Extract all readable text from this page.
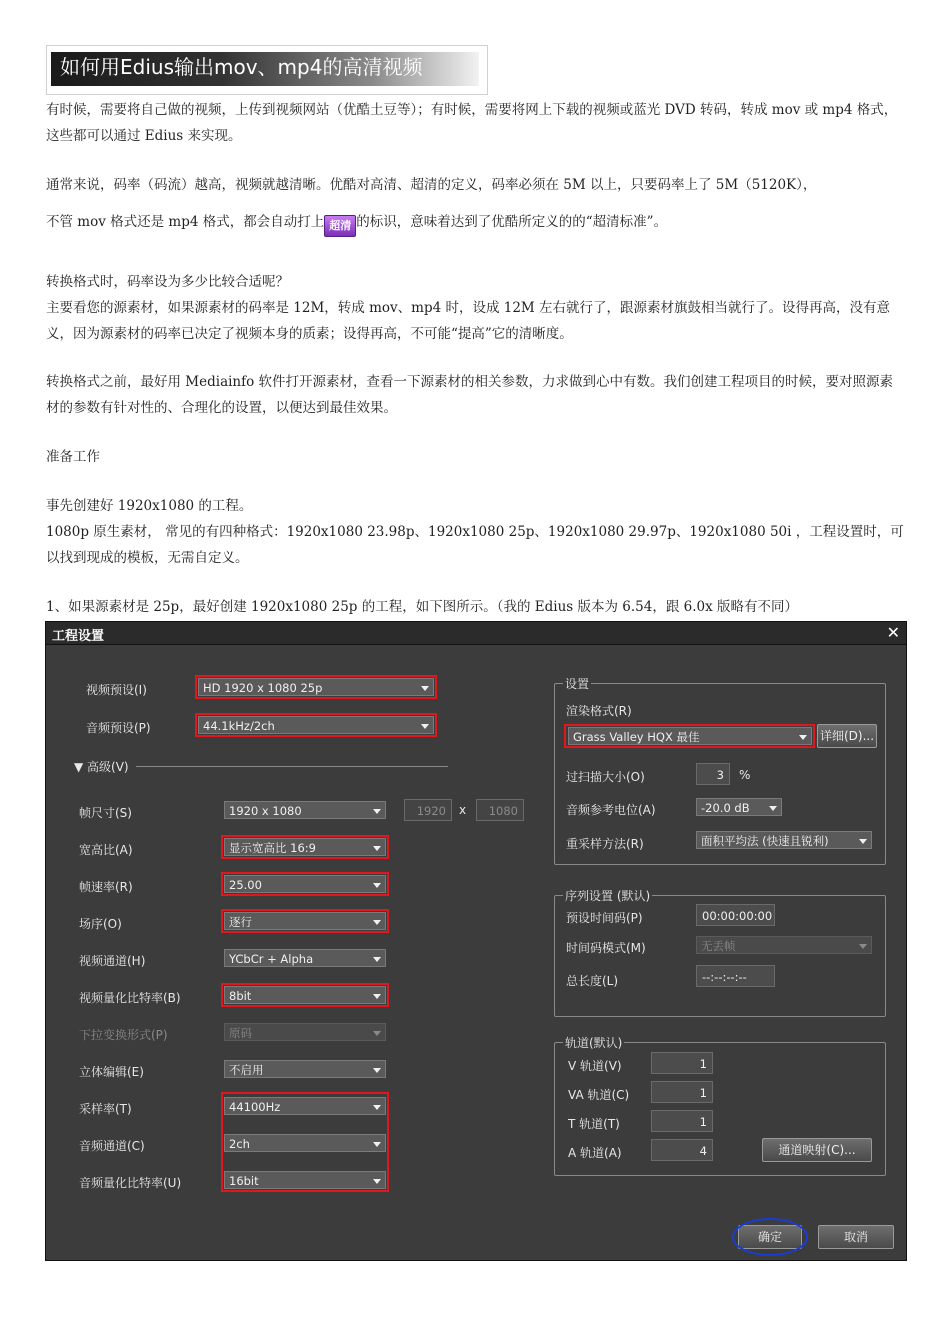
如何用Edius输出mov、mp4的高清视频
有时候，需要将自己做的视频，上传到视频网站（优酷土豆等）；有时候，需要将网上下载的视频或蓝光 DVD 转码，转成 mov 或 mp4 格式，这些都可以通过 Edius 来实现。
通常来说，码率（码流）越高，视频就越清晰。优酷对高清、超清的定义，码率必须在 5M 以上，只要码率上了 5M（5120K），
不管 mov 格式还是 mp4 格式，都会自动打上 超清 的标识，意味着达到了优酷所定义的的“超清标准”。
转换格式时，码率设为多少比较合适呢？
主要看您的源素材，如果源素材的码率是 12M，转成 mov、mp4 时，设成 12M 左右就行了，跟源素材旗鼓相当就行了。设得再高，没有意义，因为源素材的码率已决定了视频本身的质素；设得再高，不可能“提高”它的清晰度。
转换格式之前，最好用 Mediainfo 软件打开源素材，查看一下源素材的相关参数，力求做到心中有数。我们创建工程项目的时候，要对照源素材的参数有针对性的、合理化的设置，以便达到最佳效果。
准备工作
事先创建好 1920x1080 的工程。
1080p 原生素材， 常见的有四种格式：1920x1080 23.98p、1920x1080 25p、1920x1080 29.97p、1920x1080 50i ，工程设置时，可以找到现成的模板，无需自定义。
1、如果源素材是 25p，最好创建 1920x1080 25p 的工程，如下图所示。（我的 Edius 版本为 6.54，跟 6.0x 版略有不同）
工程设置	✕
视频预设(I)	HD 1920 x 1080 25p
音频预设(P)	44.1kHz/2ch
▼ 高级(V)
帧尺寸(S)	1920 x 1080	1920	x	1080
宽高比(A)	显示宽高比 16:9
帧速率(R)	25.00
场序(O)	逐行
视频通道(H)	YCbCr + Alpha
视频量化比特率(B)	8bit
下拉变换形式(P)	原码
立体编辑(E)	不启用
采样率(T)	44100Hz
音频通道(C)	2ch
音频量化比特率(U)	16bit
设置
渲染格式(R)
Grass Valley HQX 最佳	详细(D)...
过扫描大小(O)	3	%
音频参考电位(A)	-20.0 dB
重采样方法(R)	面积平均法 (快速且锐利)
序列设置 (默认)
预设时间码(P)	00:00:00:00
时间码模式(M)	无丢帧
总长度(L)	--:--:--:--
轨道(默认)
V 轨道(V)	1
VA 轨道(C)	1
T 轨道(T)	1
A 轨道(A)	4	通道映射(C)...
确定	取消
